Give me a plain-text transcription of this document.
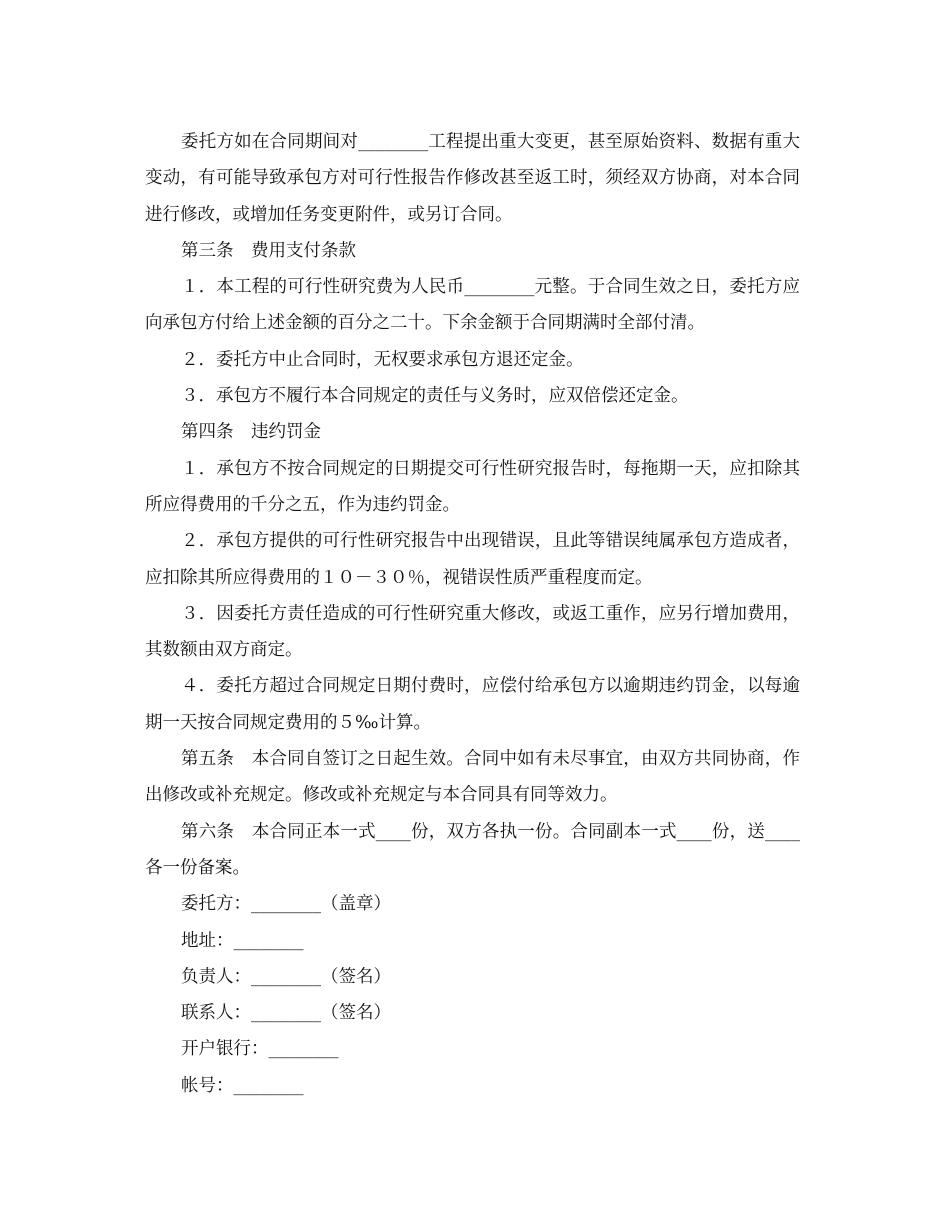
委托方如在合同期间对________工程提出重大变更，甚至原始资料、数据有重大变动，有可能导致承包方对可行性报告作修改甚至返工时，须经双方协商，对本合同进行修改，或增加任务变更附件，或另订合同。

第三条　费用支付条款

１．本工程的可行性研究费为人民币________元整。于合同生效之日，委托方应向承包方付给上述金额的百分之二十。下余金额于合同期满时全部付清。

２．委托方中止合同时，无权要求承包方退还定金。

３．承包方不履行本合同规定的责任与义务时，应双倍偿还定金。

第四条　违约罚金

１．承包方不按合同规定的日期提交可行性研究报告时，每拖期一天，应扣除其所应得费用的千分之五，作为违约罚金。

２．承包方提供的可行性研究报告中出现错误，且此等错误纯属承包方造成者，应扣除其所应得费用的１０－３０％，视错误性质严重程度而定。

３．因委托方责任造成的可行性研究重大修改，或返工重作，应另行增加费用，其数额由双方商定。

４．委托方超过合同规定日期付费时，应偿付给承包方以逾期违约罚金，以每逾期一天按合同规定费用的５‰计算。

第五条　本合同自签订之日起生效。合同中如有未尽事宜，由双方共同协商，作出修改或补充规定。修改或补充规定与本合同具有同等效力。

第六条　本合同正本一式____份，双方各执一份。合同副本一式____份，送____各一份备案。

委托方：________（盖章）

地址：________

负责人：________（签名）

联系人：________（签名）

开户银行：________

帐号：________
